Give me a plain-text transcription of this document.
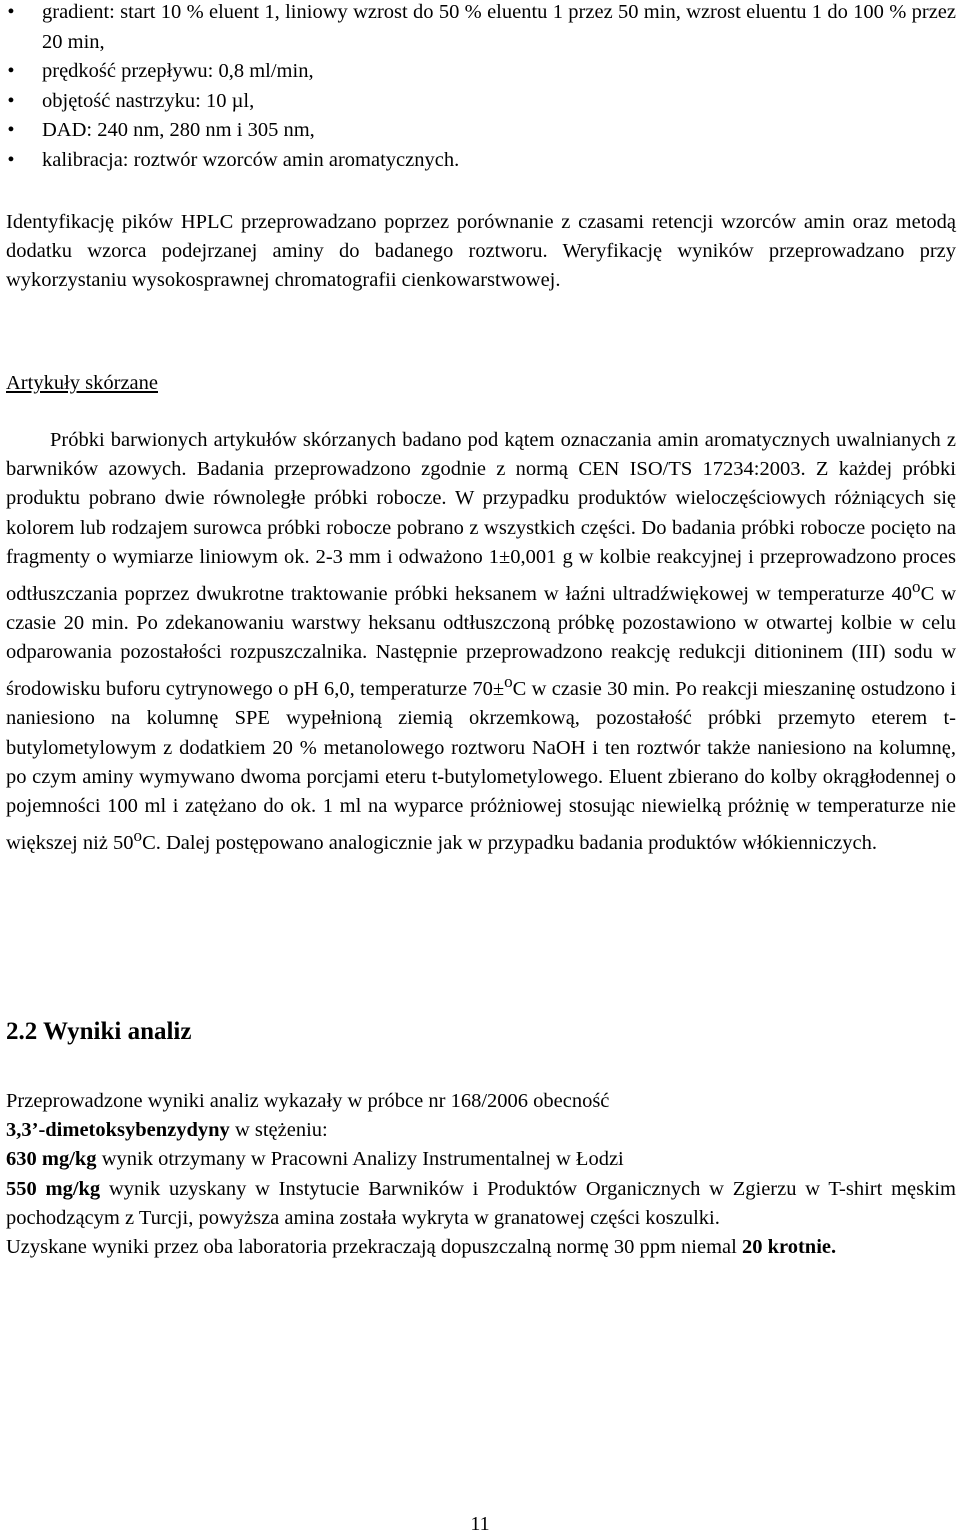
• gradient: start 10 % eluent 1, liniowy wzrost do 50 % eluentu 1 przez 50 min, wzrost eluentu 1 do 100 % przez 20 min,
• prędkość przepływu: 0,8 ml/min,
• objętość nastrzyku: 10 µl,
• DAD: 240 nm, 280 nm i 305 nm,
• kalibracja: roztwór wzorców amin aromatycznych.

Identyfikację pików HPLC przeprowadzano poprzez porównanie z czasami retencji wzorców amin oraz metodą dodatku wzorca podejrzanej aminy do badanego roztworu. Weryfikację wyników przeprowadzano przy wykorzystaniu wysokosprawnej chromatografii cienkowarstwowej.

Artykuły skórzane

Próbki barwionych artykułów skórzanych badano pod kątem oznaczania amin aromatycznych uwalnianych z barwników azowych. Badania przeprowadzono zgodnie z normą CEN ISO/TS 17234:2003. Z każdej próbki produktu pobrano dwie równoległe próbki robocze. W przypadku produktów wieloczęściowych różniących się kolorem lub rodzajem surowca próbki robocze pobrano z wszystkich części. Do badania próbki robocze pocięto na fragmenty o wymiarze liniowym ok. 2-3 mm i odważono 1±0,001 g w kolbie reakcyjnej i przeprowadzono proces odtłuszczania poprzez dwukrotne traktowanie próbki heksanem w łaźni ultradźwiękowej w temperaturze 40$^o$C w czasie 20 min. Po zdekanowaniu warstwy heksanu odtłuszczoną próbkę pozostawiono w otwartej kolbie w celu odparowania pozostałości rozpuszczalnika. Następnie przeprowadzono reakcję redukcji ditioninem (III) sodu w środowisku buforu cytrynowego o pH 6,0, temperaturze 70±$^o$C w czasie 30 min. Po reakcji mieszaninę ostudzono i naniesiono na kolumnę SPE wypełnioną ziemią okrzemkową, pozostałość próbki przemyto eterem t-butylometylowym z dodatkiem 20 % metanolowego roztworu NaOH i ten roztwór także naniesiono na kolumnę, po czym aminy wymywano dwoma porcjami eteru t-butylometylowego. Eluent zbierano do kolby okrągłodennej o pojemności 100 ml i zatężano do ok. 1 ml na wyparce próżniowej stosując niewielką próżnię w temperaturze nie większej niż 50$^o$C. Dalej postępowano analogicznie jak w przypadku badania produktów włókienniczych.

2.2 Wyniki analiz

Przeprowadzone wyniki analiz wykazały w próbce nr 168/2006 obecność
3,3’-dimetoksybenzydyny w stężeniu:
630 mg/kg wynik otrzymany w Pracowni Analizy Instrumentalnej w Łodzi
550 mg/kg wynik uzyskany w Instytucie Barwników i Produktów Organicznych w Zgierzu w T-shirt męskim pochodzącym z Turcji, powyższa amina została wykryta w granatowej części koszulki.
Uzyskane wyniki przez oba laboratoria przekraczają dopuszczalną normę 30 ppm niemal 20 krotnie.

11
